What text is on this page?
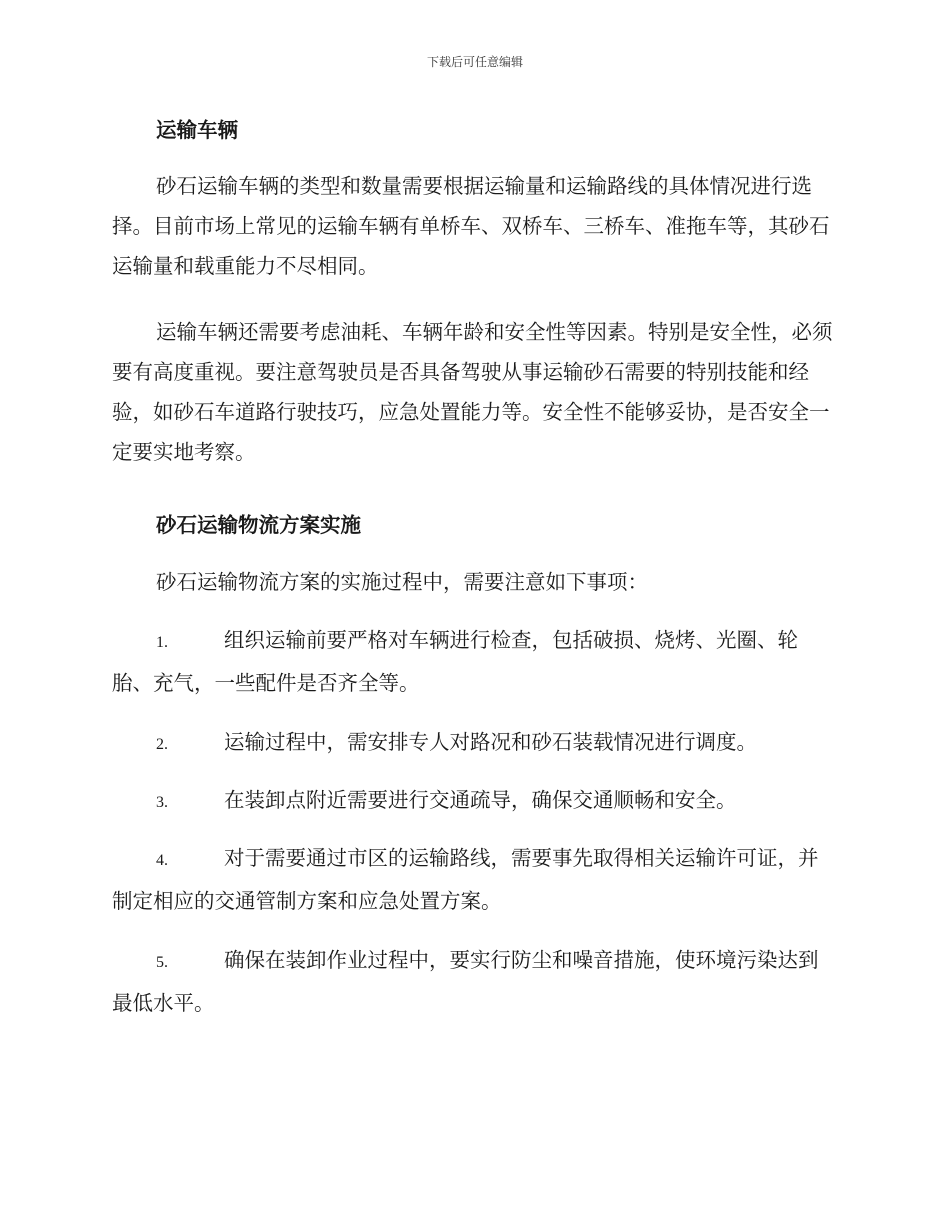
下载后可任意编辑

运输车辆

砂石运输车辆的类型和数量需要根据运输量和运输路线的具体情况进行选择。目前市场上常见的运输车辆有单桥车、双桥车、三桥车、准拖车等，其砂石运输量和载重能力不尽相同。

运输车辆还需要考虑油耗、车辆年龄和安全性等因素。特别是安全性，必须要有高度重视。要注意驾驶员是否具备驾驶从事运输砂石需要的特别技能和经验，如砂石车道路行驶技巧，应急处置能力等。安全性不能够妥协，是否安全一定要实地考察。

砂石运输物流方案实施

砂石运输物流方案的实施过程中，需要注意如下事项：

1.	组织运输前要严格对车辆进行检查，包括破损、烧烤、光圈、轮胎、充气，一些配件是否齐全等。

2.	运输过程中，需安排专人对路况和砂石装载情况进行调度。

3.	在装卸点附近需要进行交通疏导，确保交通顺畅和安全。

4.	对于需要通过市区的运输路线，需要事先取得相关运输许可证，并制定相应的交通管制方案和应急处置方案。

5.	确保在装卸作业过程中，要实行防尘和噪音措施，使环境污染达到最低水平。
